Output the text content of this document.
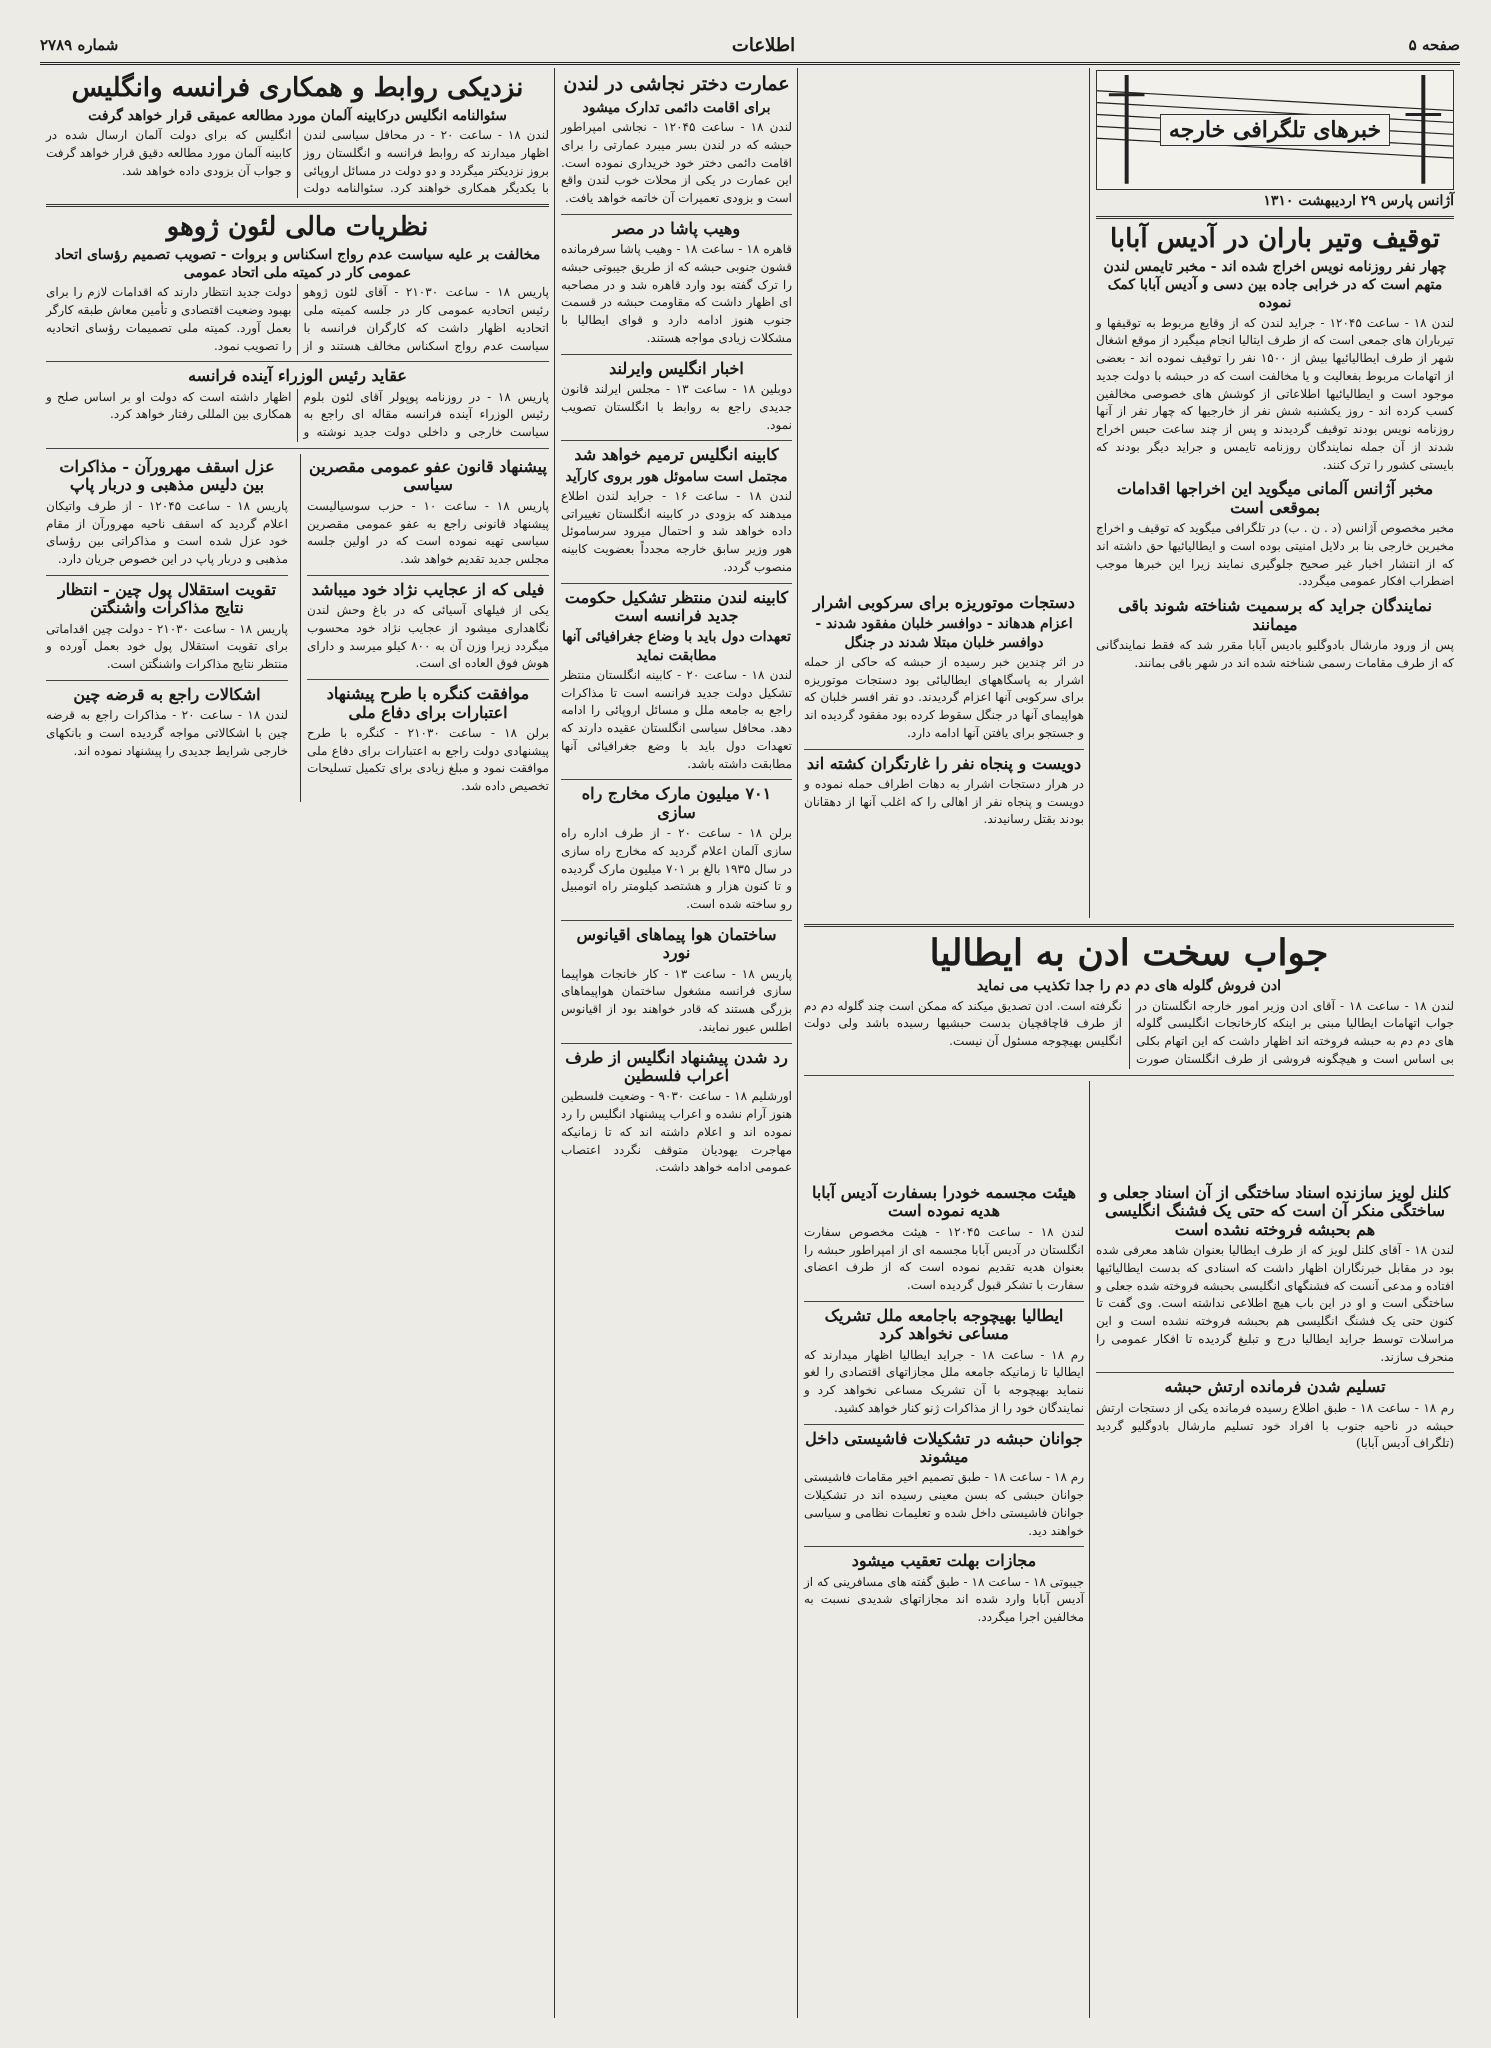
صفحه ۵
اطلاعات
شماره ۲۷۸۹
خبرهای تلگرافی خارجه
آژانس پارس ۲۹ اردیبهشت ۱۳۱۰
توقیف وتیر باران در آدیس آبابا
چهار نفر روزنامه نویس اخراج شده اند - مخبر تایمس لندن متهم است که در خرابی جاده بین دسی و آدیس آبابا کمک نموده
لندن ۱۸ - ساعت ۱۲۰۴۵ - جراید لندن که از وقایع مربوط به توقیفها و تیرباران های جمعی است که از طرف ایتالیا انجام میگیرد از موقع اشغال شهر از طرف ایطالیائیها بیش از ۱۵۰۰ نفر را توقیف نموده اند - بعضی از اتهامات مربوط بفعالیت و یا مخالفت است که در حبشه با دولت جدید موجود است و ایطالیائیها اطلاعاتی از کوشش های خصوصی مخالفین کسب کرده اند - روز یکشنبه شش نفر از خارجیها که چهار نفر از آنها روزنامه نویس بودند توقیف گردیدند و پس از چند ساعت حبس اخراج شدند از آن جمله نمایندگان روزنامه تایمس و جراید دیگر بودند که بایستی کشور را ترک کنند.
مخبر آژانس آلمانی میگوید این اخراجها اقدامات بموقعی است
مخبر مخصوص آژانس (د . ن . ب) در تلگرافی میگوید که توقیف و اخراج مخبرین خارجی بنا بر دلایل امنیتی بوده است و ایطالیائیها حق داشته اند که از انتشار اخبار غیر صحیح جلوگیری نمایند زیرا این خبرها موجب اضطراب افکار عمومی میگردد.
نمایندگان جراید که برسمیت شناخته شوند باقی میمانند
پس از ورود مارشال بادوگلیو بادیس آبابا مقرر شد که فقط نمایندگانی که از طرف مقامات رسمی شناخته شده اند در شهر باقی بمانند.
جواب سخت ادن به ایطالیا
ادن فروش گلوله های دم دم را جدا تکذیب می نماید
لندن ۱۸ - ساعت ۱۸ - آقای ادن وزیر امور خارجه انگلستان در جواب اتهامات ایطالیا مبنی بر اینکه کارخانجات انگلیسی گلوله های دم دم به حبشه فروخته اند اظهار داشت که این اتهام بکلی بی اساس است و هیچگونه فروشی از طرف انگلستان صورت نگرفته است. ادن تصدیق میکند که ممکن است چند گلوله دم دم از طرف قاچاقچیان بدست حبشیها رسیده باشد ولی دولت انگلیس بهیچوجه مسئول آن نیست.
کلنل لویز سازنده اسناد ساختگی از آن اسناد جعلی و ساختگی منکر آن است که حتی یک فشنگ انگلیسی هم بحبشه فروخته نشده است
لندن ۱۸ - آقای کلنل لویز که از طرف ایطالیا بعنوان شاهد معرفی شده بود در مقابل خبرنگاران اظهار داشت که اسنادی که بدست ایطالیائیها افتاده و مدعی آنست که فشنگهای انگلیسی بحبشه فروخته شده جعلی و ساختگی است و او در این باب هیچ اطلاعی نداشته است. وی گفت تا کنون حتی یک فشنگ انگلیسی هم بحبشه فروخته نشده است و این مراسلات توسط جراید ایطالیا درج و تبلیغ گردیده تا افکار عمومی را منحرف سازند.
تسلیم شدن فرمانده ارتش حبشه
رم ۱۸ - ساعت ۱۸ - طبق اطلاع رسیده فرمانده یکی از دستجات ارتش حبشه در ناحیه جنوب با افراد خود تسلیم مارشال بادوگلیو گردید (تلگراف آدیس آبابا)
دستجات موتوریزه برای سرکوبی اشرار
اعزام هدهاند - دوافسر خلبان مفقود شدند - دوافسر خلبان مبتلا شدند در جنگل
در اثر چندین خبر رسیده از حبشه که حاکی از حمله اشرار به پاسگاههای ایطالیائی بود دستجات موتوریزه برای سرکوبی آنها اعزام گردیدند. دو نفر افسر خلبان که هواپیمای آنها در جنگل سقوط کرده بود مفقود گردیده اند و جستجو برای یافتن آنها ادامه دارد.
دویست و پنجاه نفر را غارتگران کشته اند
در هرار دستجات اشرار به دهات اطراف حمله نموده و دویست و پنجاه نفر از اهالی را که اغلب آنها از دهقانان بودند بقتل رسانیدند.
هیئت مجسمه خودرا بسفارت آدیس آبابا هدیه نموده است
لندن ۱۸ - ساعت ۱۲۰۴۵ - هیئت مخصوص سفارت انگلستان در آدیس آبابا مجسمه ای از امپراطور حبشه را بعنوان هدیه تقدیم نموده است که از طرف اعضای سفارت با تشکر قبول گردیده است.
ایطالیا بهیچوجه باجامعه ملل تشریک مساعی نخواهد کرد
رم ۱۸ - ساعت ۱۸ - جراید ایطالیا اظهار میدارند که ایطالیا تا زمانیکه جامعه ملل مجازاتهای اقتصادی را لغو ننماید بهیچوجه با آن تشریک مساعی نخواهد کرد و نمایندگان خود را از مذاکرات ژنو کنار خواهد کشید.
جوانان حبشه در تشکیلات فاشیستی داخل میشوند
رم ۱۸ - ساعت ۱۸ - طبق تصمیم اخیر مقامات فاشیستی جوانان حبشی که بسن معینی رسیده اند در تشکیلات جوانان فاشیستی داخل شده و تعلیمات نظامی و سیاسی خواهند دید.
مجازات بهلت تعقیب میشود
جیبوتی ۱۸ - ساعت ۱۸ - طبق گفته های مسافرینی که از آدیس آبابا وارد شده اند مجازاتهای شدیدی نسبت به مخالفین اجرا میگردد.
عمارت دختر نجاشی در لندن
برای اقامت دائمی تدارک میشود
لندن ۱۸ - ساعت ۱۲۰۴۵ - نجاشی امپراطور حبشه که در لندن بسر میبرد عمارتی را برای اقامت دائمی دختر خود خریداری نموده است. این عمارت در یکی از محلات خوب لندن واقع است و بزودی تعمیرات آن خاتمه خواهد یافت.
وهیب پاشا در مصر
قاهره ۱۸ - ساعت ۱۸ - وهیب پاشا سرفرمانده قشون جنوبی حبشه که از طریق جیبوتی حبشه را ترک گفته بود وارد قاهره شد و در مصاحبه ای اظهار داشت که مقاومت حبشه در قسمت جنوب هنوز ادامه دارد و قوای ایطالیا با مشکلات زیادی مواجه هستند.
اخبار انگلیس وایرلند
دوبلین ۱۸ - ساعت ۱۳ - مجلس ایرلند قانون جدیدی راجع به روابط با انگلستان تصویب نمود.
کابینه انگلیس ترمیم خواهد شد
مجتمل است ساموئل هور بروی کارآید
لندن ۱۸ - ساعت ۱۶ - جراید لندن اطلاع میدهند که بزودی در کابینه انگلستان تغییراتی داده خواهد شد و احتمال میرود سرساموئل هور وزیر سابق خارجه مجدداً بعضویت کابینه منصوب گردد.
کابینه لندن منتظر تشکیل حکومت جدید فرانسه است
تعهدات دول باید با وضاع جغرافیائی آنها مطابقت نماید
لندن ۱۸ - ساعت ۲۰ - کابینه انگلستان منتظر تشکیل دولت جدید فرانسه است تا مذاکرات راجع به جامعه ملل و مسائل اروپائی را ادامه دهد. محافل سیاسی انگلستان عقیده دارند که تعهدات دول باید با وضع جغرافیائی آنها مطابقت داشته باشد.
۷۰۱ میلیون مارک مخارج راه سازی
برلن ۱۸ - ساعت ۲۰ - از طرف اداره راه سازی آلمان اعلام گردید که مخارج راه سازی در سال ۱۹۳۵ بالغ بر ۷۰۱ میلیون مارک گردیده و تا کنون هزار و هشتصد کیلومتر راه اتومبیل رو ساخته شده است.
ساختمان هوا پیماهای اقیانوس نورد
پاریس ۱۸ - ساعت ۱۳ - کار خانجات هواپیما سازی فرانسه مشغول ساختمان هواپیماهای بزرگی هستند که قادر خواهند بود از اقیانوس اطلس عبور نمایند.
رد شدن پیشنهاد انگلیس از طرف اعراب فلسطین
اورشلیم ۱۸ - ساعت ۹۰۳۰ - وضعیت فلسطین هنوز آرام نشده و اعراب پیشنهاد انگلیس را رد نموده اند و اعلام داشته اند که تا زمانیکه مهاجرت یهودیان متوقف نگردد اعتصاب عمومی ادامه خواهد داشت.
نزدیکی روابط و همکاری فرانسه وانگلیس
سئوالنامه انگلیس درکابینه آلمان مورد مطالعه عمیقی قرار خواهد گرفت
لندن ۱۸ - ساعت ۲۰ - در محافل سیاسی لندن اظهار میدارند که روابط فرانسه و انگلستان روز بروز نزدیکتر میگردد و دو دولت در مسائل اروپائی با یکدیگر همکاری خواهند کرد. سئوالنامه دولت انگلیس که برای دولت آلمان ارسال شده در کابینه آلمان مورد مطالعه دقیق قرار خواهد گرفت و جواب آن بزودی داده خواهد شد.
نظریات مالی لئون ژوهو
مخالفت بر علیه سیاست عدم رواج اسکناس و بروات - تصویب تصمیم رؤسای اتحاد عمومی کار در کمیته ملی اتحاد عمومی
پاریس ۱۸ - ساعت ۲۱۰۳۰ - آقای لئون ژوهو رئیس اتحادیه عمومی کار در جلسه کمیته ملی اتحادیه اظهار داشت که کارگران فرانسه با سیاست عدم رواج اسکناس مخالف هستند و از دولت جدید انتظار دارند که اقدامات لازم را برای بهبود وضعیت اقتصادی و تأمین معاش طبقه کارگر بعمل آورد. کمیته ملی تصمیمات رؤسای اتحادیه را تصویب نمود.
عقاید رئیس الوزراء آینده فرانسه
پاریس ۱۸ - در روزنامه پوپولر آقای لئون بلوم رئیس الوزراء آینده فرانسه مقاله ای راجع به سیاست خارجی و داخلی دولت جدید نوشته و اظهار داشته است که دولت او بر اساس صلح و همکاری بین المللی رفتار خواهد کرد.
پیشنهاد قانون عفو عمومی مقصرین سیاسی
پاریس ۱۸ - ساعت ۱۰ - حزب سوسیالیست پیشنهاد قانونی راجع به عفو عمومی مقصرین سیاسی تهیه نموده است که در اولین جلسه مجلس جدید تقدیم خواهد شد.
فیلی که از عجایب نژاد خود میباشد
یکی از فیلهای آسیائی که در باغ وحش لندن نگاهداری میشود از عجایب نژاد خود محسوب میگردد زیرا وزن آن به ۸۰۰ کیلو میرسد و دارای هوش فوق العاده ای است.
موافقت کنگره با طرح پیشنهاد اعتبارات برای دفاع ملی
برلن ۱۸ - ساعت ۲۱۰۳۰ - کنگره با طرح پیشنهادی دولت راجع به اعتبارات برای دفاع ملی موافقت نمود و مبلغ زیادی برای تکمیل تسلیحات تخصیص داده شد.
عزل اسقف مهرورآن - مذاکرات بین دلیس مذهبی و دربار پاپ
پاریس ۱۸ - ساعت ۱۲۰۴۵ - از طرف واتیکان اعلام گردید که اسقف ناحیه مهرورآن از مقام خود عزل شده است و مذاکراتی بین رؤسای مذهبی و دربار پاپ در این خصوص جریان دارد.
تقویت استقلال پول چین - انتظار نتایج مذاکرات واشنگتن
پاریس ۱۸ - ساعت ۲۱۰۳۰ - دولت چین اقداماتی برای تقویت استقلال پول خود بعمل آورده و منتظر نتایج مذاکرات واشنگتن است.
اشکالات راجع به قرضه چین
لندن ۱۸ - ساعت ۲۰ - مذاکرات راجع به قرضه چین با اشکالاتی مواجه گردیده است و بانکهای خارجی شرایط جدیدی را پیشنهاد نموده اند.
